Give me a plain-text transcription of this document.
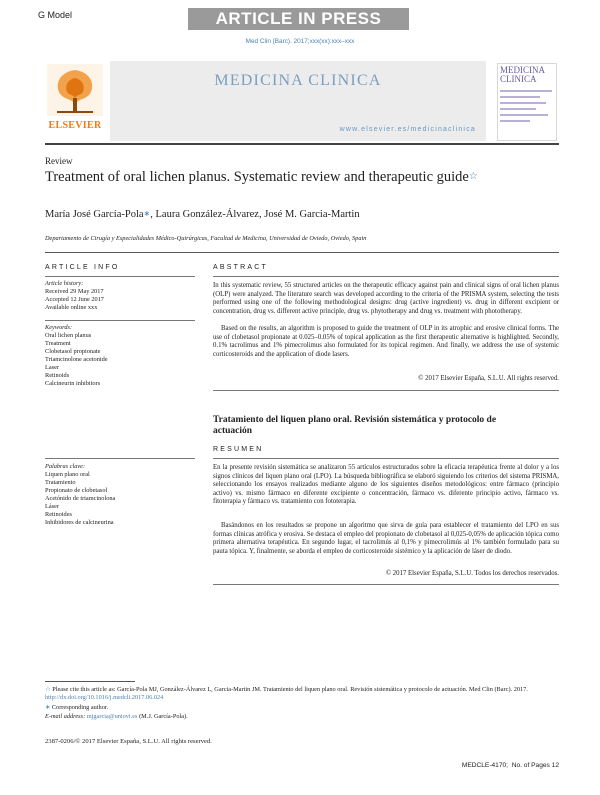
G Model	ARTICLE IN PRESS
Med Clin (Barc). 2017;xxx(xx):xxx–xxx
ELSEVIER
MEDICINA CLINICA
www.elsevier.es/medicinaclinica
MEDICINA
CLINICA
Review
Treatment of oral lichen planus. Systematic review and therapeutic guide☆
María José García-Pola∗, Laura González-Álvarez, José M. Garcia-Martin
Departamento de Cirugía y Especialidades Médico-Quirúrgicas, Facultad de Medicina, Universidad de Oviedo, Oviedo, Spain
ARTICLE INFO
Article history:
Received 29 May 2017
Accepted 12 June 2017
Available online xxx
Keywords:
Oral lichen planus
Treatment
Clobetasol propionate
Triamcinolone acetonide
Laser
Retinoids
Calcineurin inhibitors
ABSTRACT
In this systematic review, 55 structured articles on the therapeutic efficacy against pain and clinical signs of oral lichen planus (OLP) were analyzed. The literature search was developed according to the criteria of the PRISMA system, selecting the tests performed using one of the following methodological designs: drug (active ingredient) vs. drug in different excipient or concentration, drug vs. different active principle, drug vs. phytotherapy and drug vs. treatment with phototherapy.
Based on the results, an algorithm is proposed to guide the treatment of OLP in its atrophic and erosive clinical forms. The use of clobetasol propionate at 0.025–0.05% of topical application as the first therapeutic alternative is highlighted. Secondly, 0.1% tacrolimus and 1% pimecrolimus also formulated for its topical regimen. And finally, we address the use of systemic corticosteroids and the application of diode lasers.
© 2017 Elsevier España, S.L.U. All rights reserved.
Tratamiento del liquen plano oral. Revisión sistemática y protocolo de actuación
RESUMEN
Palabras clave:
Liquen plano oral
Tratamiento
Propionato de clobetasol
Acetónido de triamcinolona
Láser
Retinoides
Inhibidores de calcineurina
En la presente revisión sistemática se analizaron 55 artículos estructurados sobre la eficacia terapéutica frente al dolor y a los signos clínicos del liquen plano oral (LPO). La búsqueda bibliográfica se elaboró siguiendo los criterios del sistema PRISMA, seleccionando los ensayos realizados mediante alguno de los siguientes diseños metodológicos: entre fármaco (principio activo) vs. mismo fármaco en diferente excipiente o concentración, fármaco vs. diferente principio activo, fármaco vs. fitoterapia y fármaco vs. tratamiento con fototerapia.
Basándonos en los resultados se propone un algoritmo que sirva de guía para establecer el tratamiento del LPO en sus formas clínicas atrófica y erosiva. Se destaca el empleo del propionato de clobetasol al 0,025-0,05% de aplicación tópica como primera alternativa terapéutica. En segundo lugar, el tacrolimús al 0,1% y pimecrolimús al 1% también formulado para su pauta tópica. Y, finalmente, se aborda el empleo de corticosteroide sistémico y la aplicación de láser de diodo.
© 2017 Elsevier España, S.L.U. Todos los derechos reservados.
☆ Please cite this article as: García-Pola MJ, González-Álvarez L, Garcia-Martin JM. Tratamiento del liquen plano oral. Revisión sistemática y protocolo de actuación. Med Clin (Barc). 2017. http://dx.doi.org/10.1016/j.medcli.2017.06.024
∗ Corresponding author.
E-mail address: mjgarcia@uniovi.es (M.J. García-Pola).
2387-0206/© 2017 Elsevier España, S.L.U. All rights reserved.
MEDCLE-4170; No. of Pages 12
